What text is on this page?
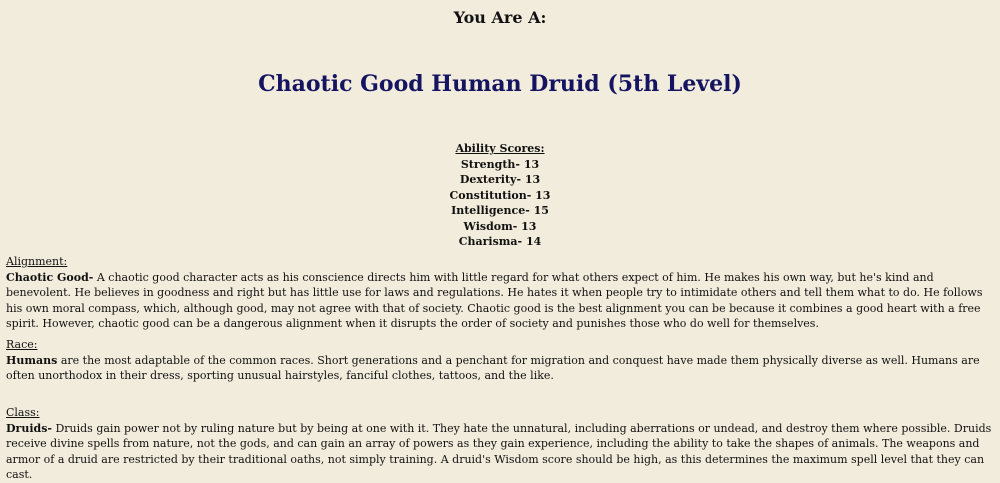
You Are A:
Chaotic Good Human Druid (5th Level)
Ability Scores:
Strength- 13
Dexterity- 13
Constitution- 13
Intelligence- 15
Wisdom- 13
Charisma- 14
Alignment:
Chaotic Good- A chaotic good character acts as his conscience directs him with little regard for what others expect of him. He makes his own way, but he's kind and benevolent. He believes in goodness and right but has little use for laws and regulations. He hates it when people try to intimidate others and tell them what to do. He follows his own moral compass, which, although good, may not agree with that of society. Chaotic good is the best alignment you can be because it combines a good heart with a free spirit. However, chaotic good can be a dangerous alignment when it disrupts the order of society and punishes those who do well for themselves.
Race:
Humans are the most adaptable of the common races. Short generations and a penchant for migration and conquest have made them physically diverse as well. Humans are often unorthodox in their dress, sporting unusual hairstyles, fanciful clothes, tattoos, and the like.
Class:
Druids- Druids gain power not by ruling nature but by being at one with it. They hate the unnatural, including aberrations or undead, and destroy them where possible. Druids receive divine spells from nature, not the gods, and can gain an array of powers as they gain experience, including the ability to take the shapes of animals. The weapons and armor of a druid are restricted by their traditional oaths, not simply training. A druid's Wisdom score should be high, as this determines the maximum spell level that they can cast.
